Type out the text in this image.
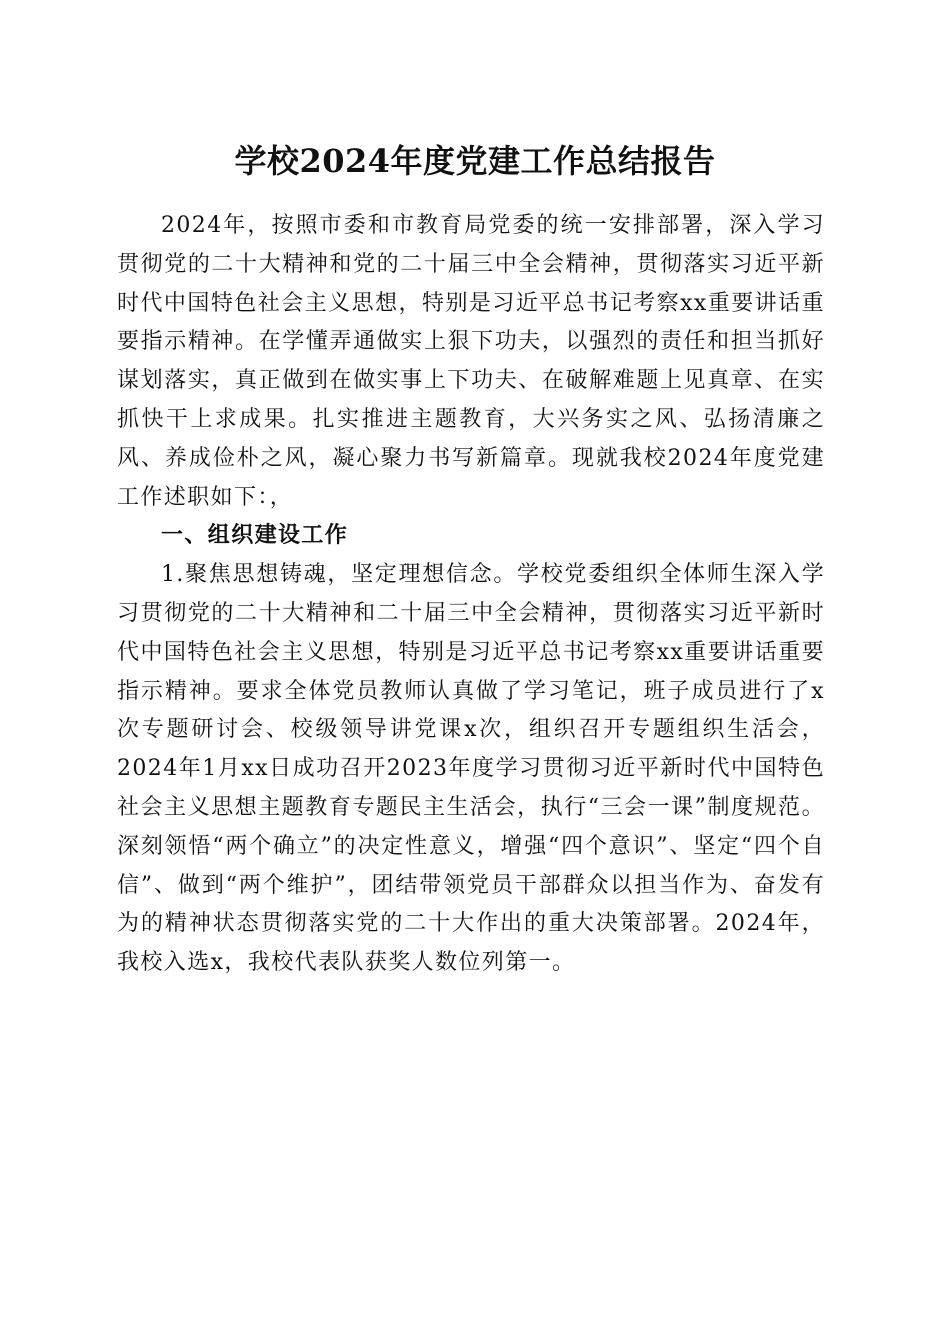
学校2024年度党建工作总结报告

2024年，按照市委和市教育局党委的统一安排部署，深入学习贯彻党的二十大精神和党的二十届三中全会精神，贯彻落实习近平新时代中国特色社会主义思想，特别是习近平总书记考察xx重要讲话重要指示精神。在学懂弄通做实上狠下功夫，以强烈的责任和担当抓好谋划落实，真正做到在做实事上下功夫、在破解难题上见真章、在实抓快干上求成果。扎实推进主题教育，大兴务实之风、弘扬清廉之风、养成俭朴之风，凝心聚力书写新篇章。现就我校2024年度党建工作述职如下：，

一、组织建设工作

1.聚焦思想铸魂，坚定理想信念。学校党委组织全体师生深入学习贯彻党的二十大精神和二十届三中全会精神，贯彻落实习近平新时代中国特色社会主义思想，特别是习近平总书记考察xx重要讲话重要指示精神。要求全体党员教师认真做了学习笔记，班子成员进行了x次专题研讨会、校级领导讲党课x次，组织召开专题组织生活会，2024年1月xx日成功召开2023年度学习贯彻习近平新时代中国特色社会主义思想主题教育专题民主生活会，执行“三会一课”制度规范。深刻领悟“两个确立”的决定性意义，增强“四个意识”、坚定“四个自信”、做到“两个维护”，团结带领党员干部群众以担当作为、奋发有为的精神状态贯彻落实党的二十大作出的重大决策部署。2024年，我校入选x，我校代表队获奖人数位列第一。
